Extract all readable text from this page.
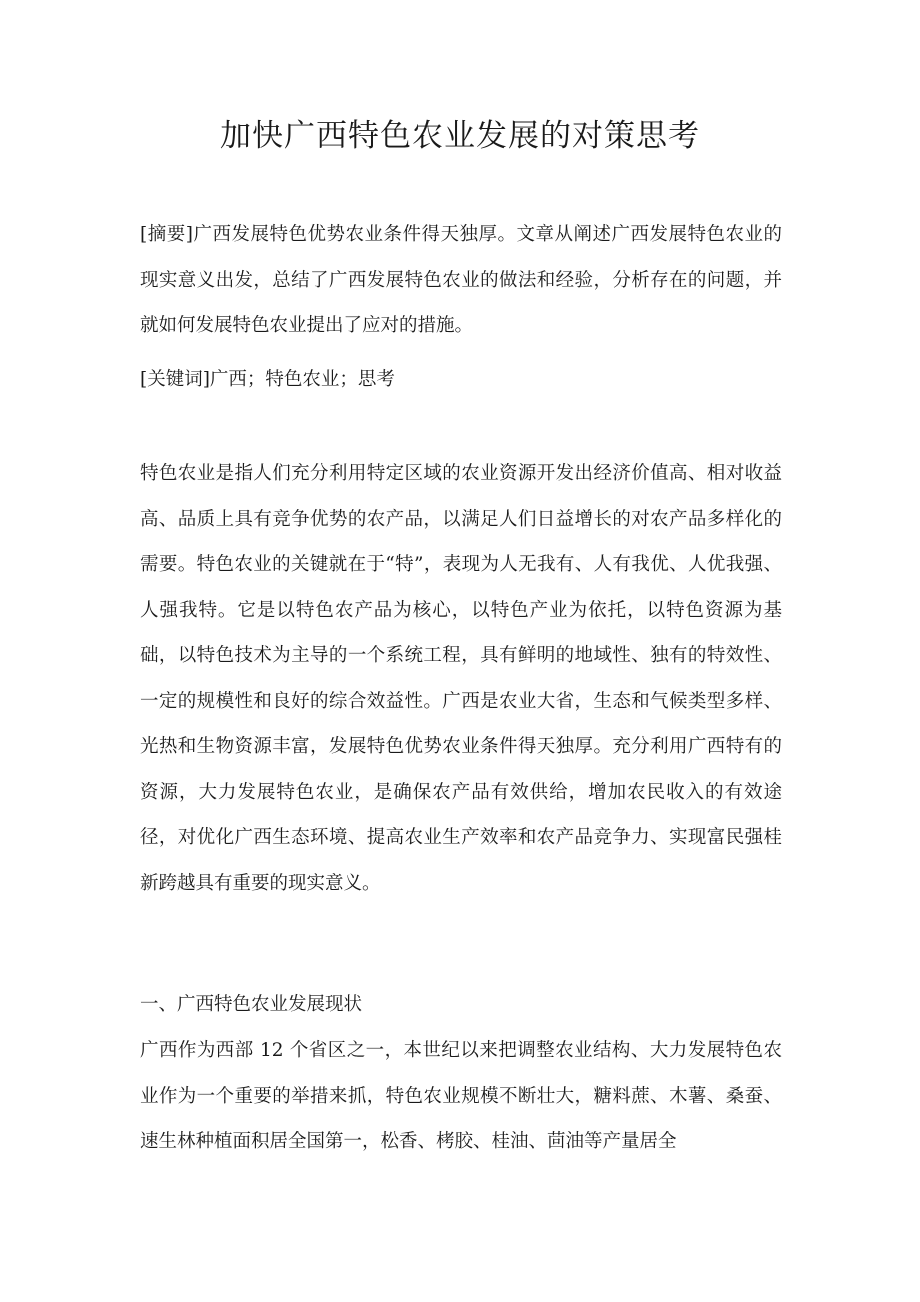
加快广西特色农业发展的对策思考

[摘要]广西发展特色优势农业条件得天独厚。文章从阐述广西发展特色农业的现实意义出发，总结了广西发展特色农业的做法和经验，分析存在的问题，并就如何发展特色农业提出了应对的措施。

[关键词]广西；特色农业；思考

特色农业是指人们充分利用特定区域的农业资源开发出经济价值高、相对收益高、品质上具有竞争优势的农产品，以满足人们日益增长的对农产品多样化的需要。特色农业的关键就在于“特”，表现为人无我有、人有我优、人优我强、人强我特。它是以特色农产品为核心，以特色产业为依托，以特色资源为基础，以特色技术为主导的一个系统工程，具有鲜明的地域性、独有的特效性、一定的规模性和良好的综合效益性。广西是农业大省，生态和气候类型多样、光热和生物资源丰富，发展特色优势农业条件得天独厚。充分利用广西特有的资源，大力发展特色农业，是确保农产品有效供给，增加农民收入的有效途径，对优化广西生态环境、提高农业生产效率和农产品竞争力、实现富民强桂新跨越具有重要的现实意义。

一、广西特色农业发展现状

广西作为西部 12 个省区之一，本世纪以来把调整农业结构、大力发展特色农业作为一个重要的举措来抓，特色农业规模不断壮大，糖料蔗、木薯、桑蚕、速生林种植面积居全国第一，松香、栲胶、桂油、茴油等产量居全
